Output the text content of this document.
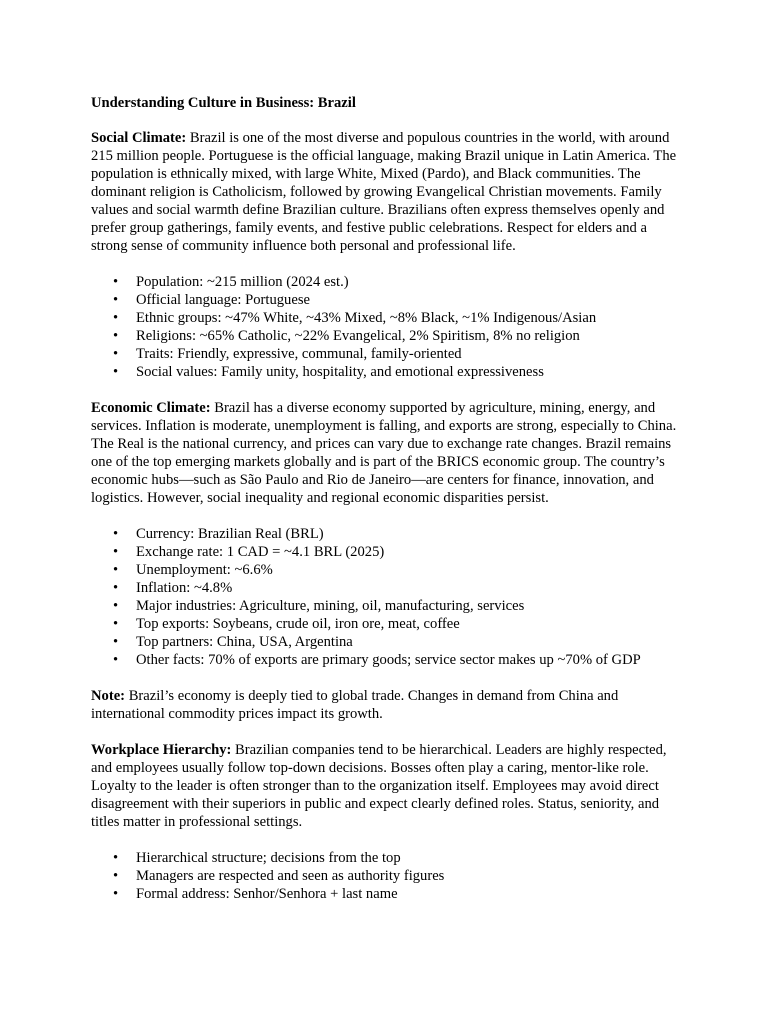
Understanding Culture in Business: Brazil

Social Climate: Brazil is one of the most diverse and populous countries in the world, with around 215 million people. Portuguese is the official language, making Brazil unique in Latin America. The population is ethnically mixed, with large White, Mixed (Pardo), and Black communities. The dominant religion is Catholicism, followed by growing Evangelical Christian movements. Family values and social warmth define Brazilian culture. Brazilians often express themselves openly and prefer group gatherings, family events, and festive public celebrations. Respect for elders and a strong sense of community influence both personal and professional life.

• Population: ~215 million (2024 est.)
• Official language: Portuguese
• Ethnic groups: ~47% White, ~43% Mixed, ~8% Black, ~1% Indigenous/Asian
• Religions: ~65% Catholic, ~22% Evangelical, 2% Spiritism, 8% no religion
• Traits: Friendly, expressive, communal, family-oriented
• Social values: Family unity, hospitality, and emotional expressiveness

Economic Climate: Brazil has a diverse economy supported by agriculture, mining, energy, and services. Inflation is moderate, unemployment is falling, and exports are strong, especially to China. The Real is the national currency, and prices can vary due to exchange rate changes. Brazil remains one of the top emerging markets globally and is part of the BRICS economic group. The country’s economic hubs—such as São Paulo and Rio de Janeiro—are centers for finance, innovation, and logistics. However, social inequality and regional economic disparities persist.

• Currency: Brazilian Real (BRL)
• Exchange rate: 1 CAD = ~4.1 BRL (2025)
• Unemployment: ~6.6%
• Inflation: ~4.8%
• Major industries: Agriculture, mining, oil, manufacturing, services
• Top exports: Soybeans, crude oil, iron ore, meat, coffee
• Top partners: China, USA, Argentina
• Other facts: 70% of exports are primary goods; service sector makes up ~70% of GDP

Note: Brazil’s economy is deeply tied to global trade. Changes in demand from China and international commodity prices impact its growth.

Workplace Hierarchy: Brazilian companies tend to be hierarchical. Leaders are highly respected, and employees usually follow top-down decisions. Bosses often play a caring, mentor-like role. Loyalty to the leader is often stronger than to the organization itself. Employees may avoid direct disagreement with their superiors in public and expect clearly defined roles. Status, seniority, and titles matter in professional settings.

• Hierarchical structure; decisions from the top
• Managers are respected and seen as authority figures
• Formal address: Senhor/Senhora + last name
